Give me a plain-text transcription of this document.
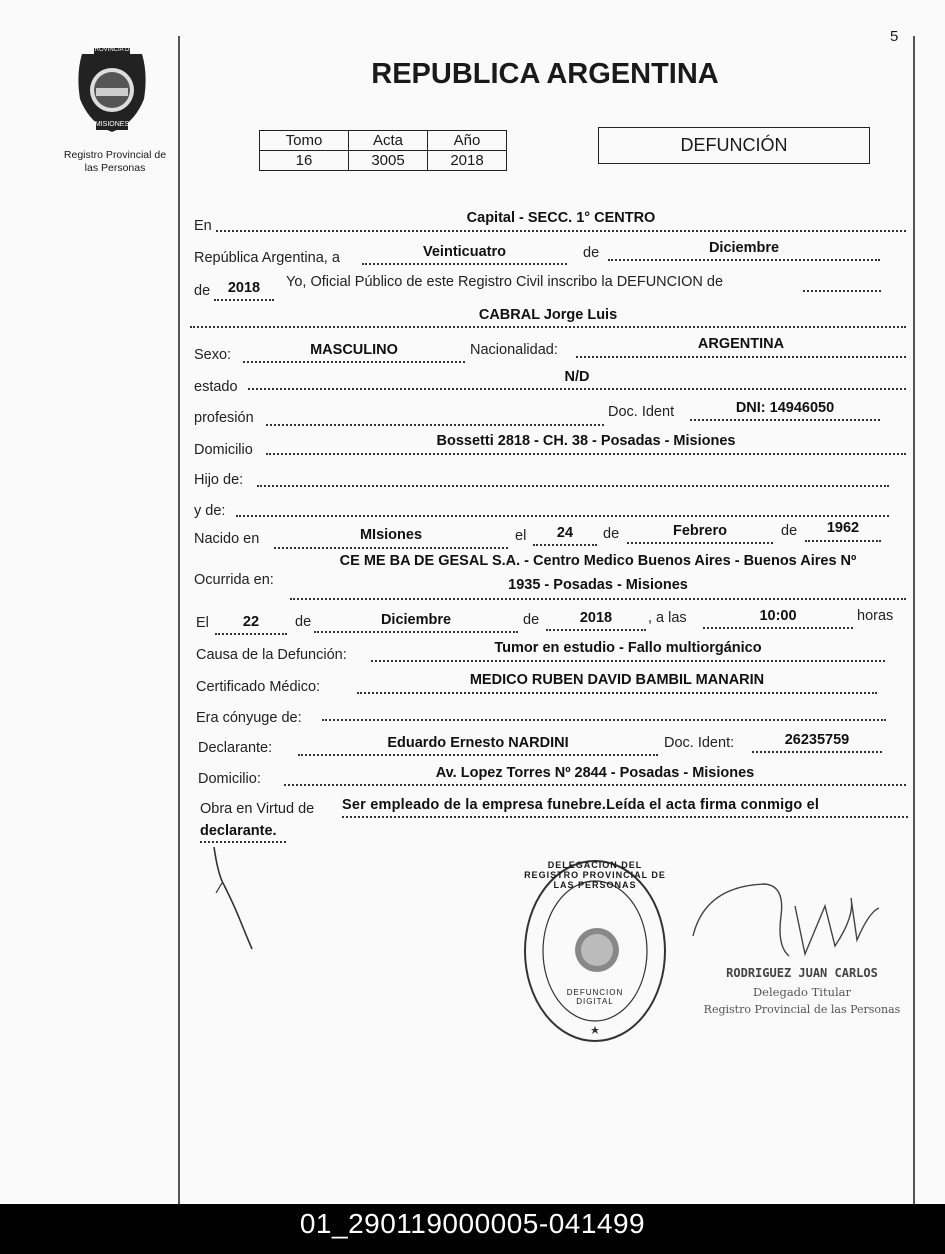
5
PROVINCIA DE
MISIONES
Registro Provincial de
las Personas
REPUBLICA ARGENTINA
Tomo	Acta	Año
16	3005	2018
DEFUNCIÓN
En	Capital - SECC. 1° CENTRO
República Argentina, a	Veinticuatro	de	Diciembre
de	2018	Yo, Oficial Público de este Registro Civil inscribo la DEFUNCION de
CABRAL Jorge Luis
Sexo:	MASCULINO	Nacionalidad:	ARGENTINA
estado
N/D
profesión	Doc. Ident	DNI: 14946050
Domicilio
Bossetti 2818 - CH. 38 - Posadas - Misiones
Hijo de:
y de:
Nacido en	MIsiones	el	24	de	Febrero	de	1962
Ocurrida en:
CE ME BA DE GESAL S.A. - Centro Medico Buenos Aires - Buenos Aires Nº
1935 - Posadas - Misiones
El	22	de	Diciembre	de	2018	, a las	10:00	horas
Causa de la Defunción:	Tumor en estudio - Fallo multiorgánico
Certificado Médico:	MEDICO RUBEN DAVID BAMBIL MANARIN
Era cónyuge de:
Declarante:	Eduardo Ernesto NARDINI	Doc. Ident:	26235759
Domicilio:	Av. Lopez Torres Nº 2844 - Posadas - Misiones
Obra en Virtud de Ser empleado de la empresa funebre.Leída el acta firma conmigo el
declarante.
DELEGACION DEL REGISTRO PROVINCIAL DE LAS PERSONAS
DEFUNCION DIGITAL
RODRIGUEZ JUAN CARLOS
Delegado Titular
Registro Provincial de las Personas
01_290119000005-041499
